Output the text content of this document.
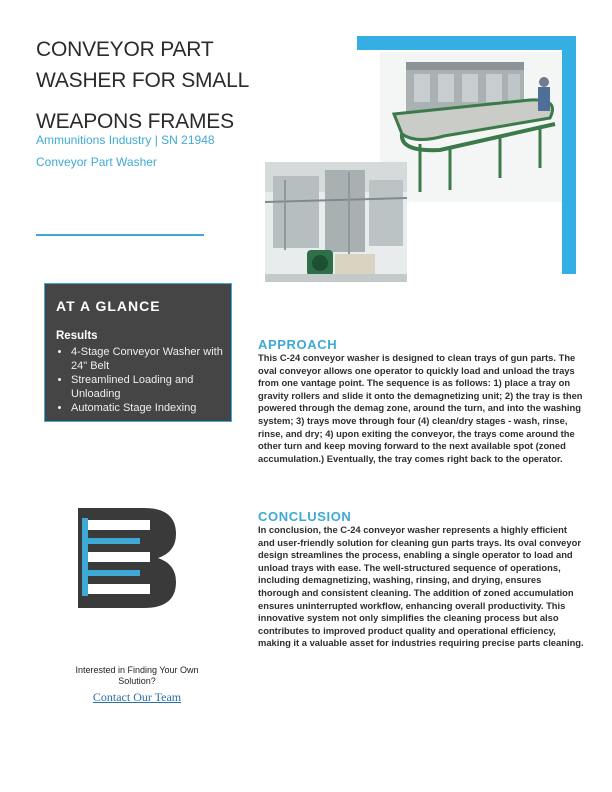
CONVEYOR PART
WASHER FOR SMALL
WEAPONS FRAMES
Ammunitions Industry | SN 21948
Conveyor Part Washer
AT A GLANCE
Results
• 4-Stage Conveyor Washer with 24" Belt
• Streamlined Loading and Unloading
• Automatic Stage Indexing
Interested in Finding Your Own Solution?
Contact Our Team
APPROACH
This C-24 conveyor washer is designed to clean trays of gun parts. The oval conveyor allows one operator to quickly load and unload the trays from one vantage point. The sequence is as follows: 1) place a tray on gravity rollers and slide it onto the demagnetizing unit; 2) the tray is then powered through the demag zone, around the turn, and into the washing system; 3) trays move through four (4) clean/dry stages - wash, rinse, rinse, and dry; 4) upon exiting the conveyor, the trays come around the other turn and keep moving forward to the next available spot (zoned accumulation.) Eventually, the tray comes right back to the operator.
CONCLUSION
In conclusion, the C-24 conveyor washer represents a highly efficient and user-friendly solution for cleaning gun parts trays. Its oval conveyor design streamlines the process, enabling a single operator to load and unload trays with ease. The well-structured sequence of operations, including demagnetizing, washing, rinsing, and drying, ensures thorough and consistent cleaning. The addition of zoned accumulation ensures uninterrupted workflow, enhancing overall productivity. This innovative system not only simplifies the cleaning process but also contributes to improved product quality and operational efficiency, making it a valuable asset for industries requiring precise parts cleaning.
